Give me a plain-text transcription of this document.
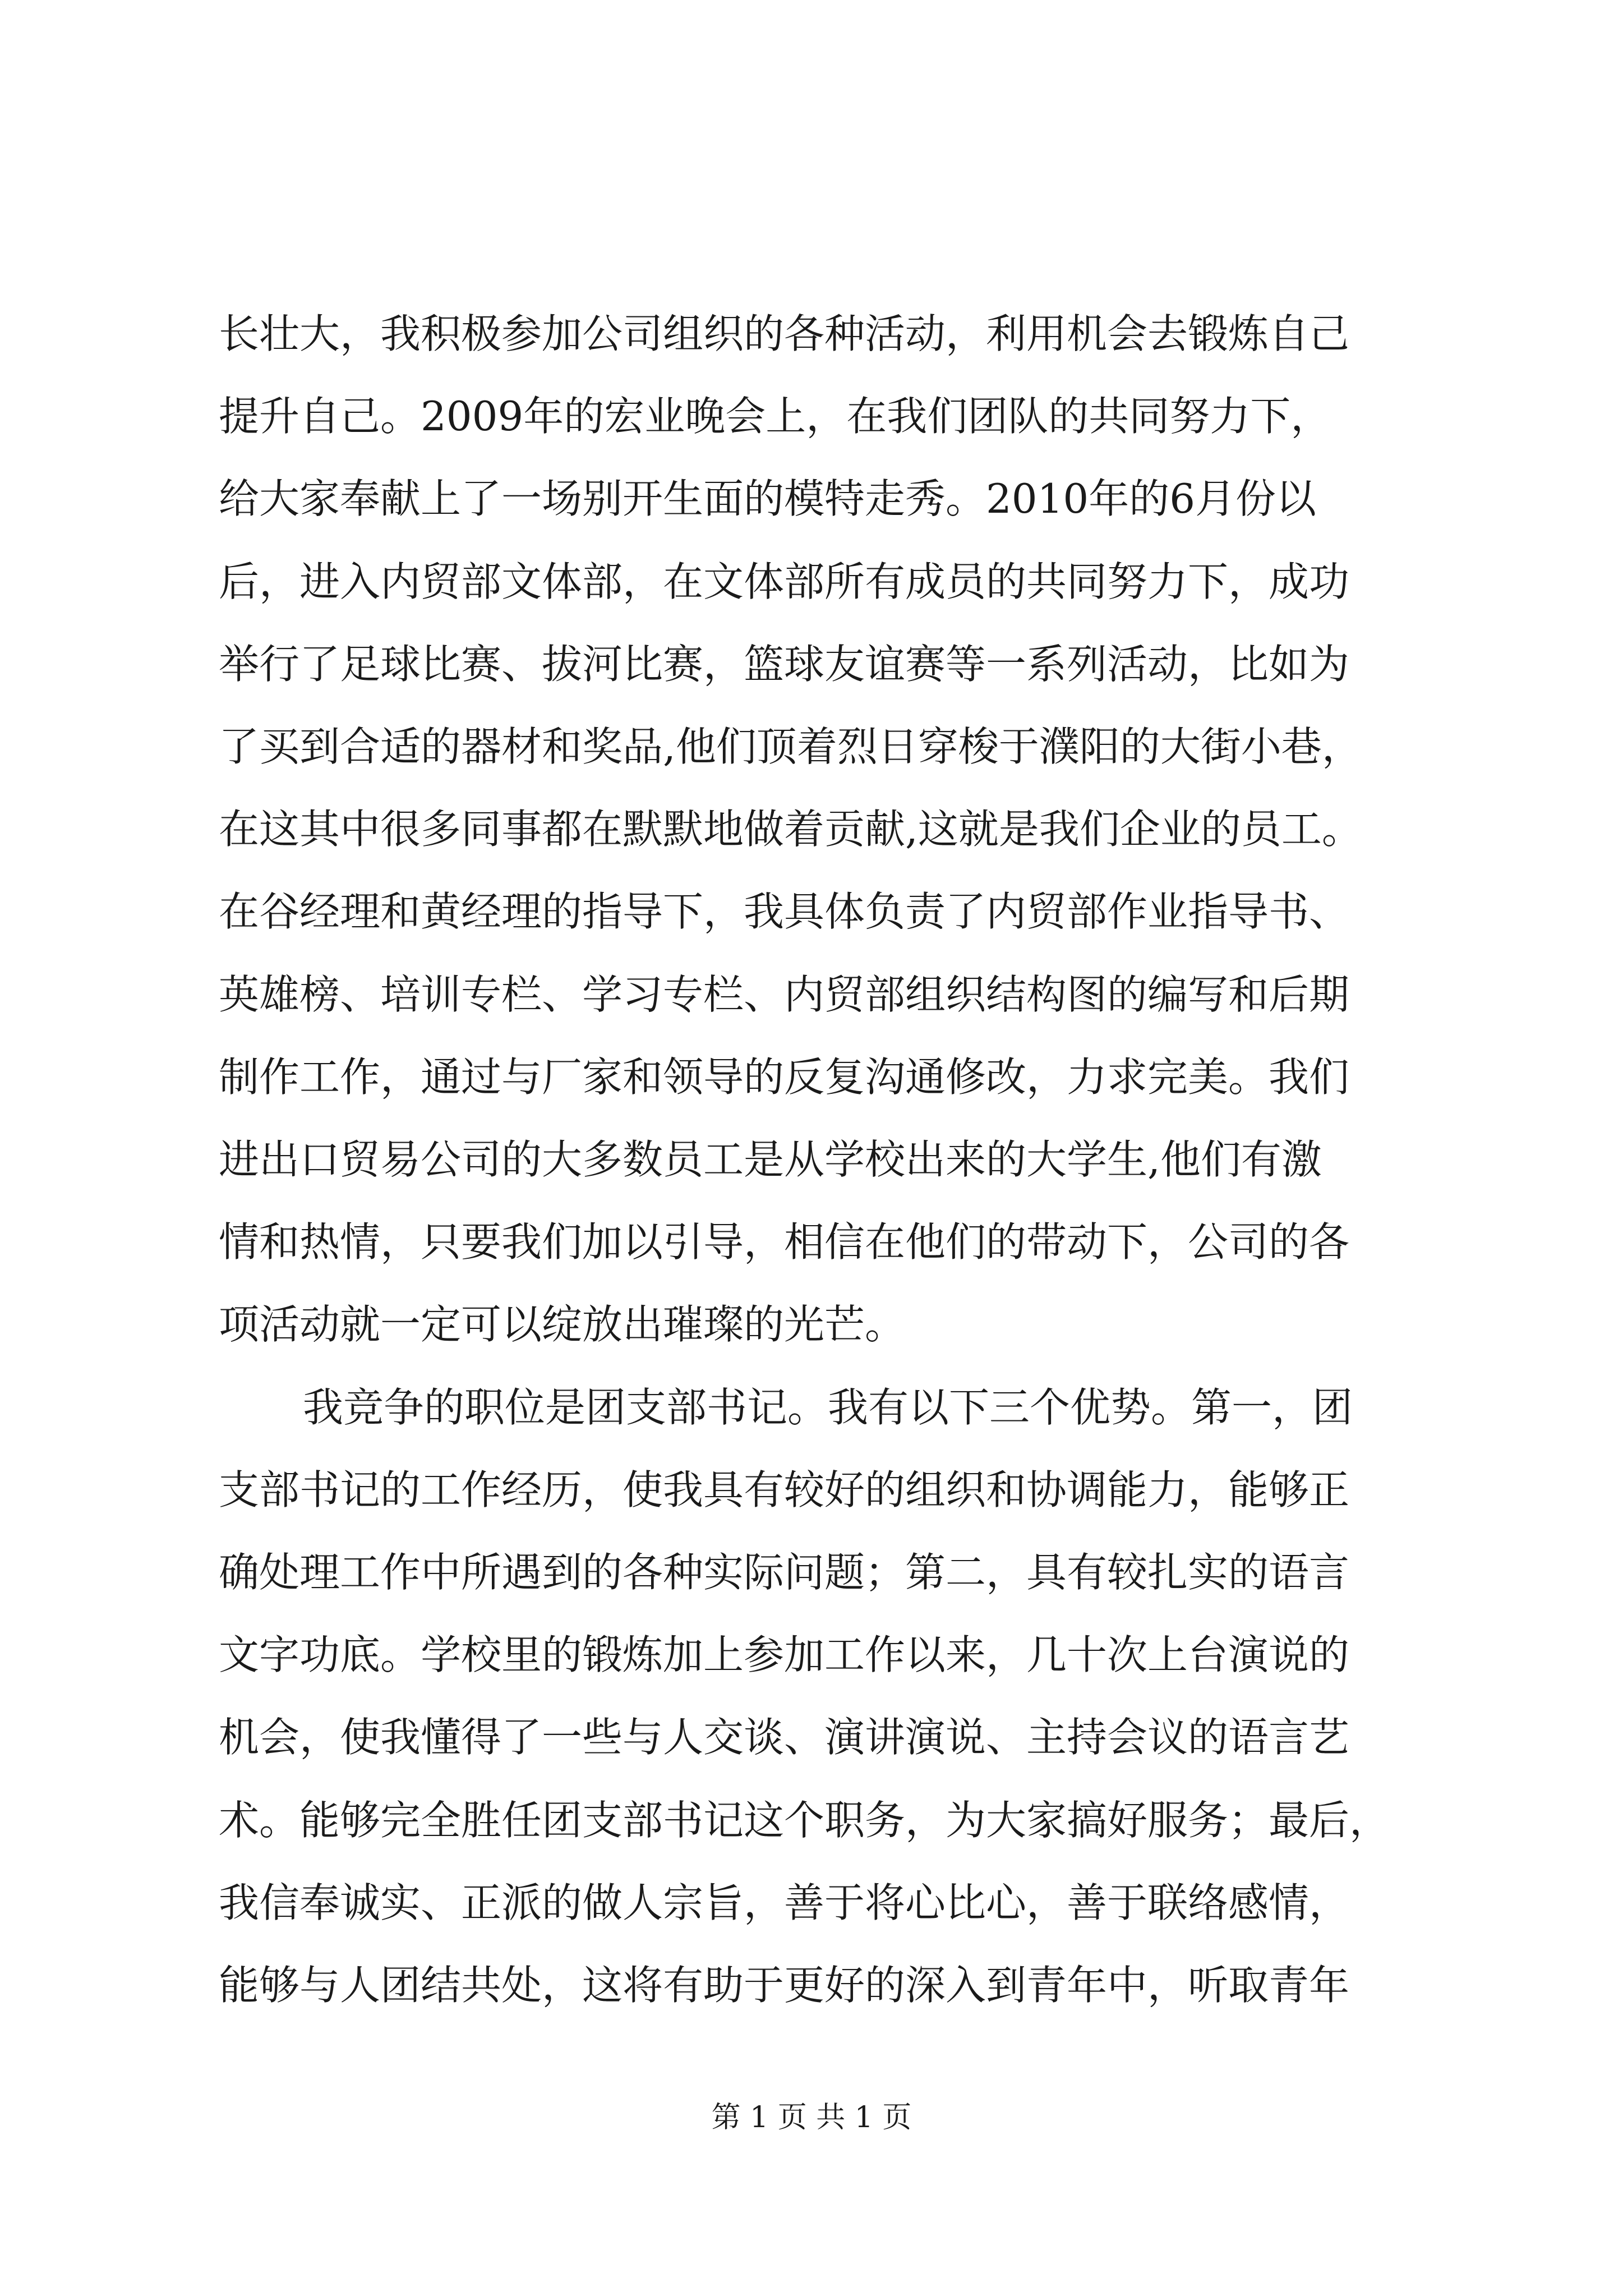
长壮大，我积极参加公司组织的各种活动，利用机会去锻炼自己
提升自己。2009年的宏业晚会上，在我们团队的共同努力下，
给大家奉献上了一场别开生面的模特走秀。2010年的6月份以
后，进入内贸部文体部，在文体部所有成员的共同努力下，成功
举行了足球比赛、拔河比赛，篮球友谊赛等一系列活动，比如为
了买到合适的器材和奖品,他们顶着烈日穿梭于濮阳的大街小巷，
在这其中很多同事都在默默地做着贡献,这就是我们企业的员工。
在谷经理和黄经理的指导下，我具体负责了内贸部作业指导书、
英雄榜、培训专栏、学习专栏、内贸部组织结构图的编写和后期
制作工作，通过与厂家和领导的反复沟通修改，力求完美。我们
进出口贸易公司的大多数员工是从学校出来的大学生,他们有激
情和热情，只要我们加以引导，相信在他们的带动下，公司的各
项活动就一定可以绽放出璀璨的光芒。
我竞争的职位是团支部书记。我有以下三个优势。第一，团
支部书记的工作经历，使我具有较好的组织和协调能力，能够正
确处理工作中所遇到的各种实际问题；第二，具有较扎实的语言
文字功底。学校里的锻炼加上参加工作以来，几十次上台演说的
机会，使我懂得了一些与人交谈、演讲演说、主持会议的语言艺
术。能够完全胜任团支部书记这个职务，为大家搞好服务；最后，
我信奉诚实、正派的做人宗旨，善于将心比心，善于联络感情，
能够与人团结共处，这将有助于更好的深入到青年中，听取青年
第 1 页 共 1 页
